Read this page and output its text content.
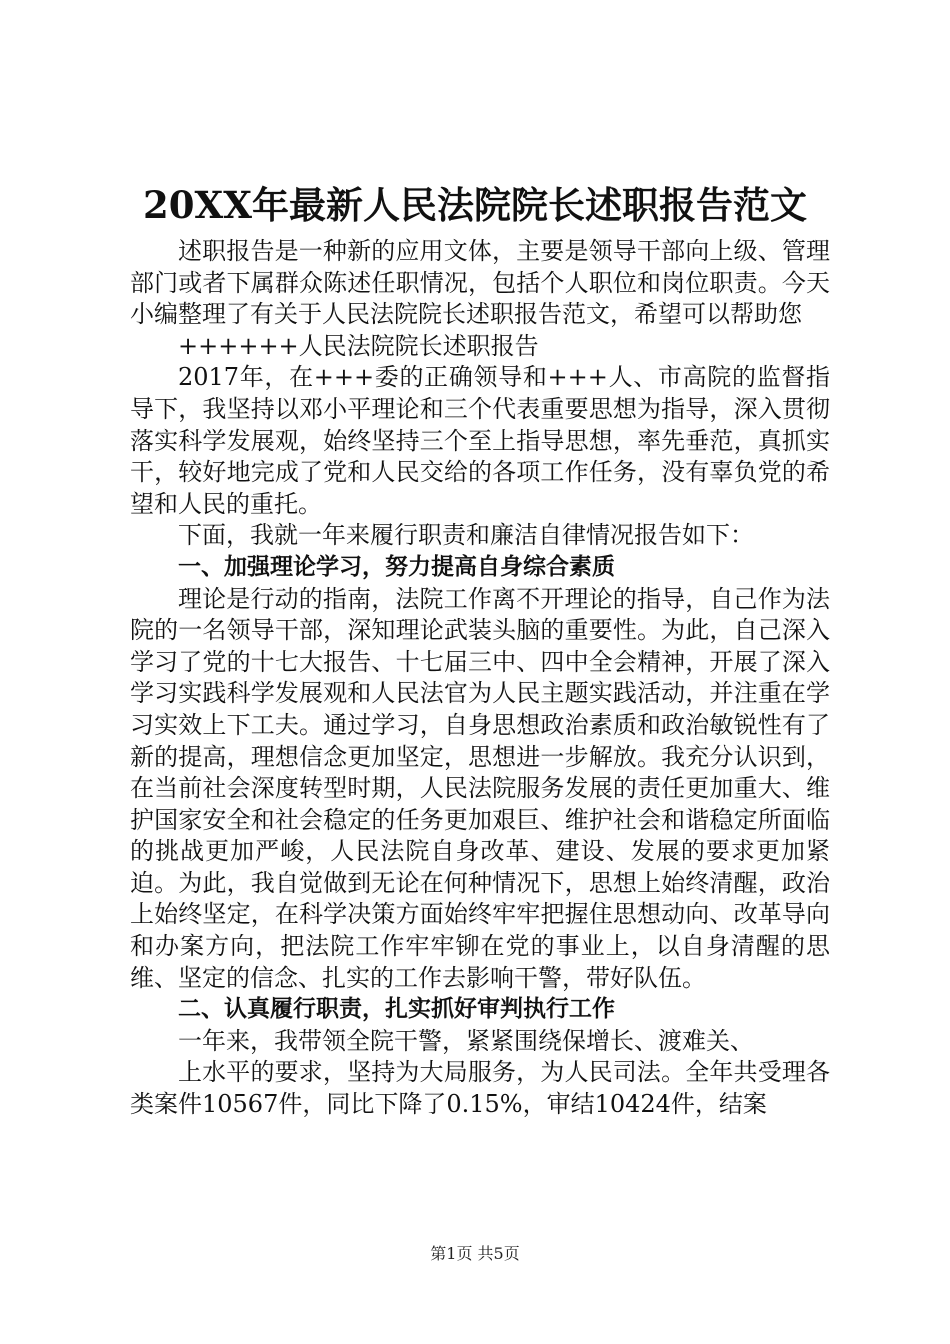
20XX年最新人民法院院长述职报告范文

述职报告是一种新的应用文体，主要是领导干部向上级、管理部门或者下属群众陈述任职情况，包括个人职位和岗位职责。今天小编整理了有关于人民法院院长述职报告范文，希望可以帮助您

++++++人民法院院长述职报告

2017年，在+++委的正确领导和+++人、市高院的监督指导下，我坚持以邓小平理论和三个代表重要思想为指导，深入贯彻落实科学发展观，始终坚持三个至上指导思想，率先垂范，真抓实干，较好地完成了党和人民交给的各项工作任务，没有辜负党的希望和人民的重托。

下面，我就一年来履行职责和廉洁自律情况报告如下：

一、加强理论学习，努力提高自身综合素质

理论是行动的指南，法院工作离不开理论的指导，自己作为法院的一名领导干部，深知理论武装头脑的重要性。为此，自己深入学习了党的十七大报告、十七届三中、四中全会精神，开展了深入学习实践科学发展观和人民法官为人民主题实践活动，并注重在学习实效上下工夫。通过学习，自身思想政治素质和政治敏锐性有了新的提高，理想信念更加坚定，思想进一步解放。我充分认识到，在当前社会深度转型时期，人民法院服务发展的责任更加重大、维护国家安全和社会稳定的任务更加艰巨、维护社会和谐稳定所面临的挑战更加严峻，人民法院自身改革、建设、发展的要求更加紧迫。为此，我自觉做到无论在何种情况下，思想上始终清醒，政治上始终坚定，在科学决策方面始终牢牢把握住思想动向、改革导向和办案方向，把法院工作牢牢铆在党的事业上，以自身清醒的思维、坚定的信念、扎实的工作去影响干警，带好队伍。

二、认真履行职责，扎实抓好审判执行工作

一年来，我带领全院干警，紧紧围绕保增长、渡难关、

上水平的要求，坚持为大局服务，为人民司法。全年共受理各类案件10567件，同比下降了0.15%，审结10424件，结案

第1页 共5页
